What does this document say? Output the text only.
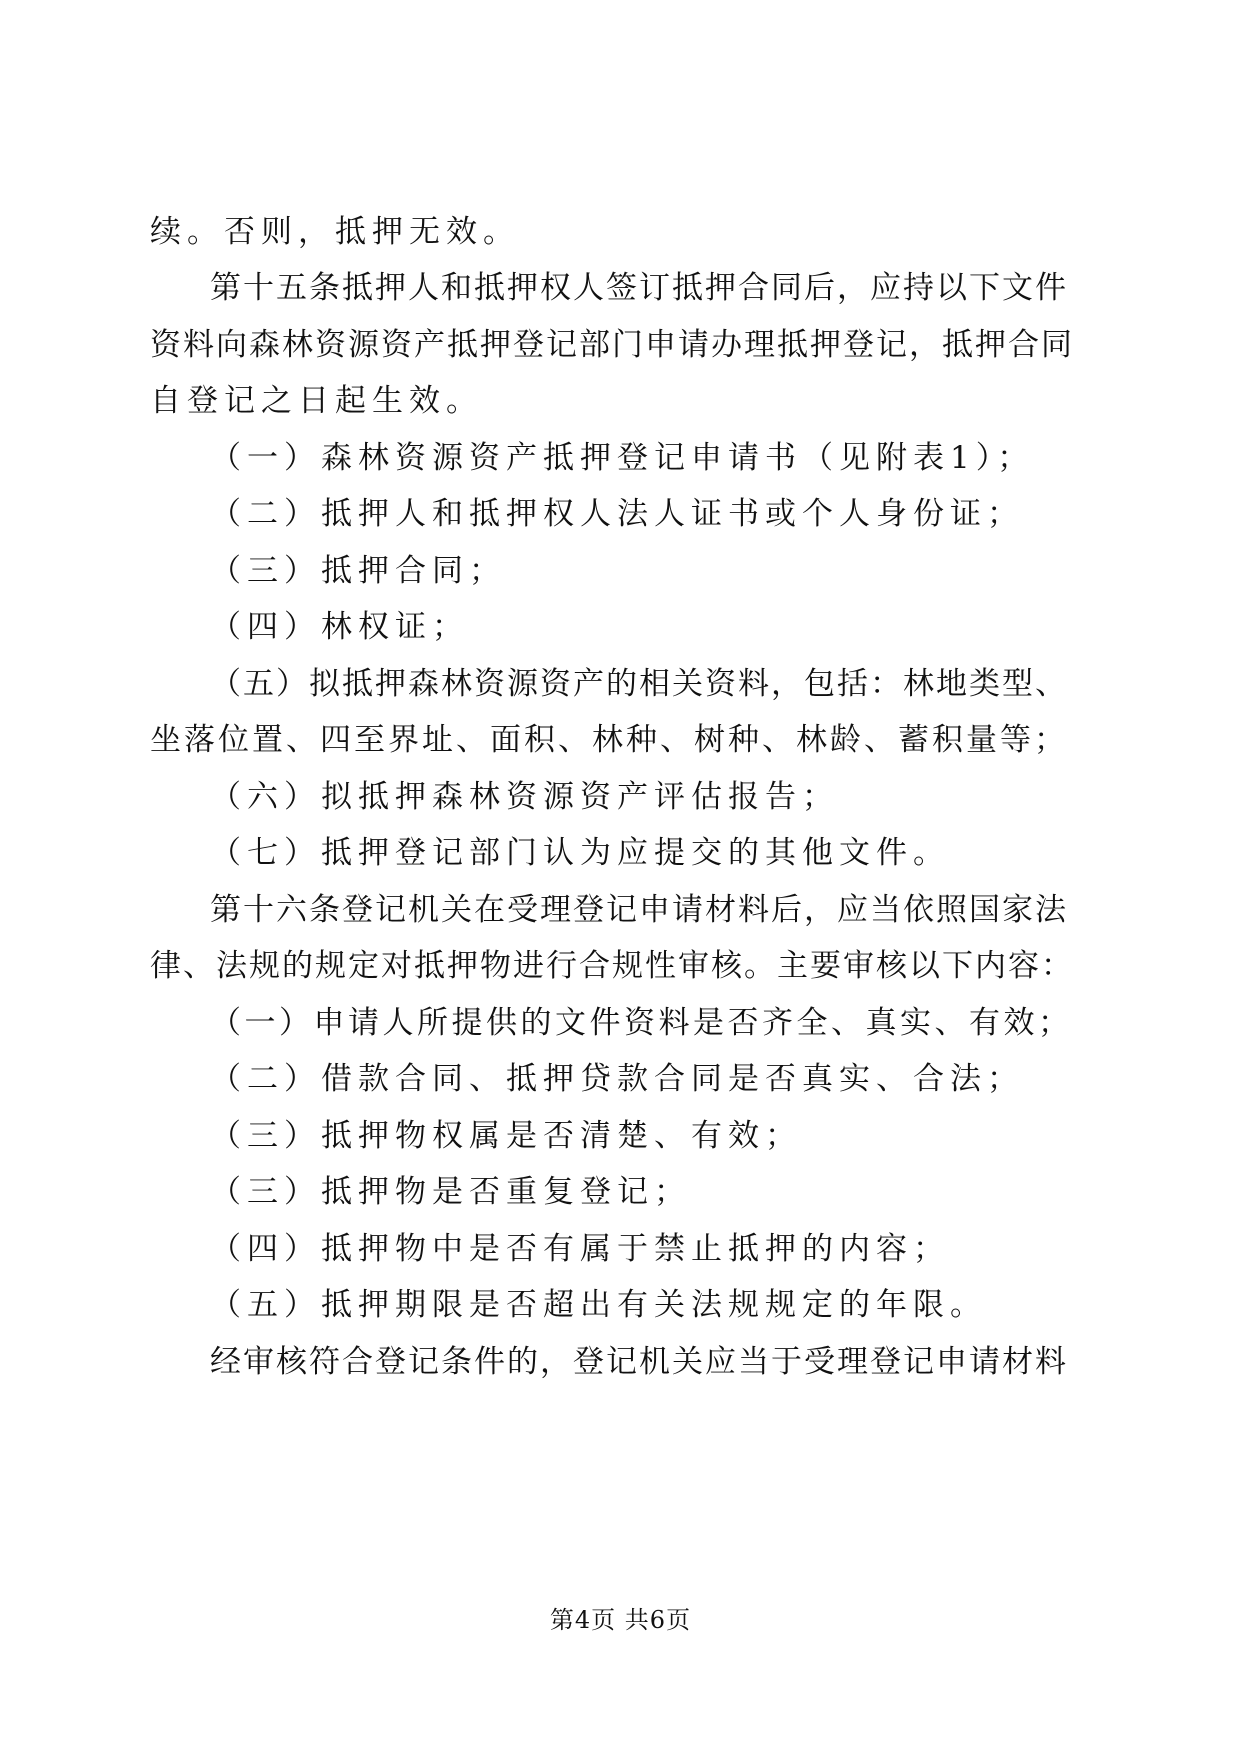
续。否则，抵押无效。
第十五条抵押人和抵押权人签订抵押合同后，应持以下文件
资料向森林资源资产抵押登记部门申请办理抵押登记，抵押合同
自登记之日起生效。
（一）森林资源资产抵押登记申请书（见附表1）；
（二）抵押人和抵押权人法人证书或个人身份证；
（三）抵押合同；
（四）林权证；
（五）拟抵押森林资源资产的相关资料，包括：林地类型、
坐落位置、四至界址、面积、林种、树种、林龄、蓄积量等；
（六）拟抵押森林资源资产评估报告；
（七）抵押登记部门认为应提交的其他文件。
第十六条登记机关在受理登记申请材料后，应当依照国家法
律、法规的规定对抵押物进行合规性审核。主要审核以下内容：
（一）申请人所提供的文件资料是否齐全、真实、有效；
（二）借款合同、抵押贷款合同是否真实、合法；
（三）抵押物权属是否清楚、有效；
（三）抵押物是否重复登记；
（四）抵押物中是否有属于禁止抵押的内容；
（五）抵押期限是否超出有关法规规定的年限。
经审核符合登记条件的，登记机关应当于受理登记申请材料
第4页 共6页
